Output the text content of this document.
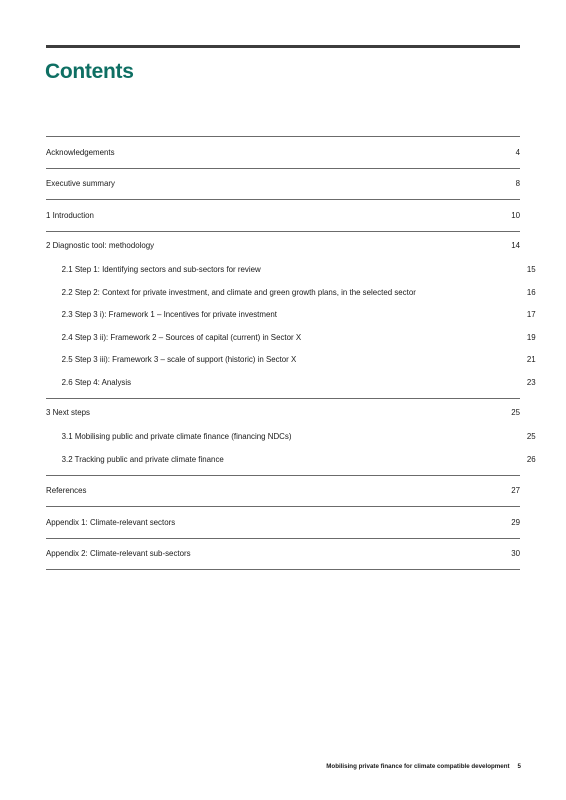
Contents
Acknowledgements	4
Executive summary	8
1 Introduction	10
2 Diagnostic tool: methodology	14
2.1 Step 1: Identifying sectors and sub-sectors for review	15
2.2 Step 2: Context for private investment, and climate and green growth plans, in the selected sector	16
2.3 Step 3 i): Framework 1 – Incentives for private investment	17
2.4 Step 3 ii): Framework 2 – Sources of capital (current) in Sector X	19
2.5 Step 3 iii): Framework 3 – scale of support (historic) in Sector X	21
2.6 Step 4: Analysis	23
3 Next steps	25
3.1 Mobilising public and private climate finance (financing NDCs)	25
3.2 Tracking public and private climate finance	26
References	27
Appendix 1: Climate-relevant sectors	29
Appendix 2: Climate-relevant sub-sectors	30
Mobilising private finance for climate compatible development 5
